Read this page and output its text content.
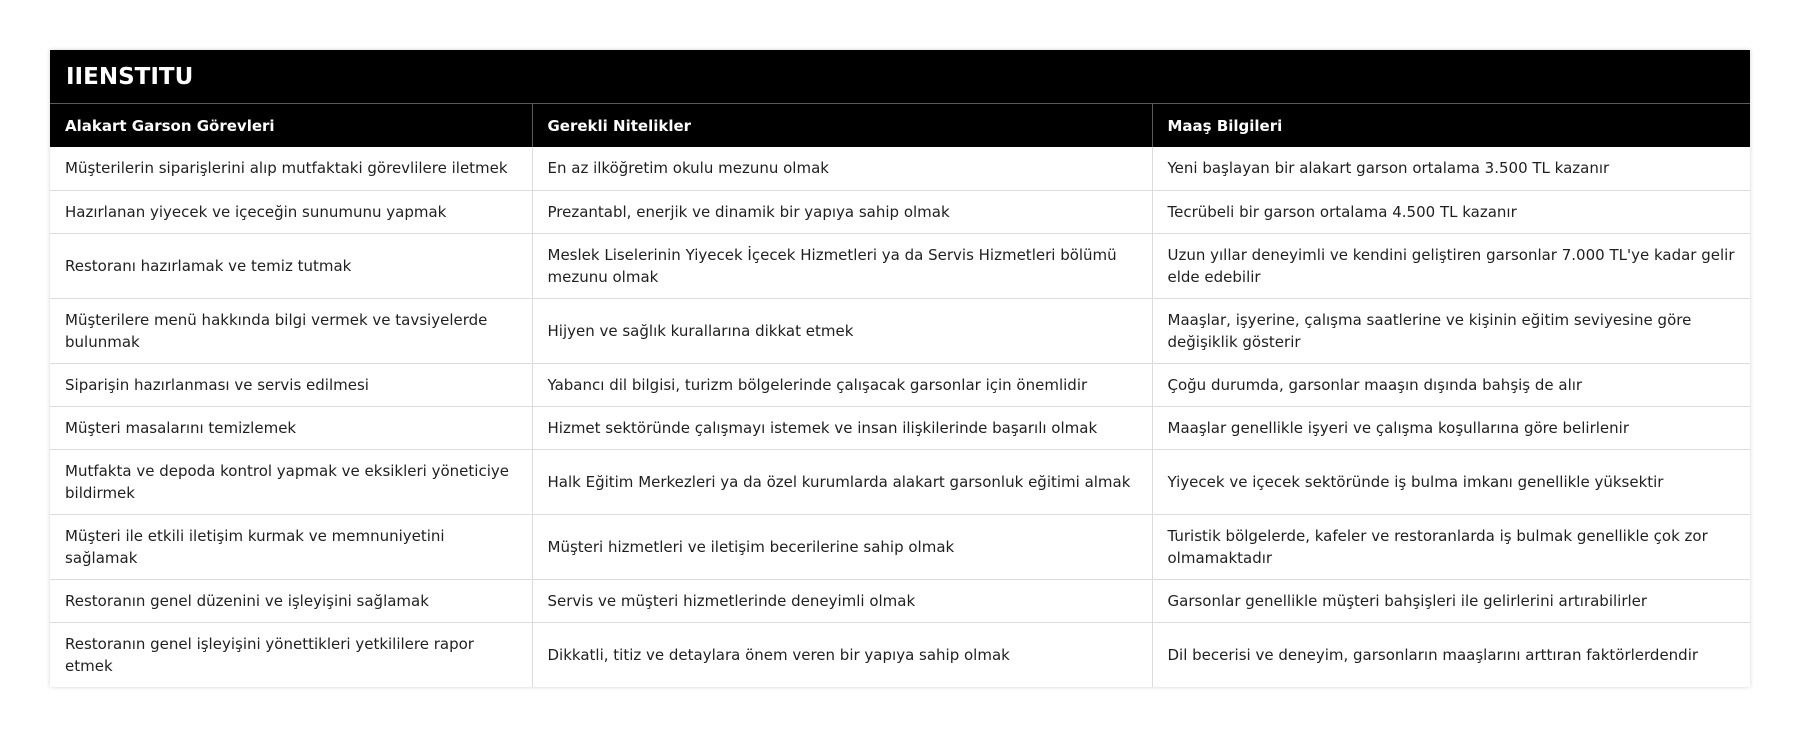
IIENSTITU
Alakart Garson Görevleri	Gerekli Nitelikler	Maaş Bilgileri
Müşterilerin siparişlerini alıp mutfaktaki görevlilere iletmek	En az ilköğretim okulu mezunu olmak	Yeni başlayan bir alakart garson ortalama 3.500 TL kazanır
Hazırlanan yiyecek ve içeceğin sunumunu yapmak	Prezantabl, enerjik ve dinamik bir yapıya sahip olmak	Tecrübeli bir garson ortalama 4.500 TL kazanır
Restoranı hazırlamak ve temiz tutmak	Meslek Liselerinin Yiyecek İçecek Hizmetleri ya da Servis Hizmetleri bölümü mezunu olmak	Uzun yıllar deneyimli ve kendini geliştiren garsonlar 7.000 TL'ye kadar gelir elde edebilir
Müşterilere menü hakkında bilgi vermek ve tavsiyelerde bulunmak	Hijyen ve sağlık kurallarına dikkat etmek	Maaşlar, işyerine, çalışma saatlerine ve kişinin eğitim seviyesine göre değişiklik gösterir
Siparişin hazırlanması ve servis edilmesi	Yabancı dil bilgisi, turizm bölgelerinde çalışacak garsonlar için önemlidir	Çoğu durumda, garsonlar maaşın dışında bahşiş de alır
Müşteri masalarını temizlemek	Hizmet sektöründe çalışmayı istemek ve insan ilişkilerinde başarılı olmak	Maaşlar genellikle işyeri ve çalışma koşullarına göre belirlenir
Mutfakta ve depoda kontrol yapmak ve eksikleri yöneticiye bildirmek	Halk Eğitim Merkezleri ya da özel kurumlarda alakart garsonluk eğitimi almak	Yiyecek ve içecek sektöründe iş bulma imkanı genellikle yüksektir
Müşteri ile etkili iletişim kurmak ve memnuniyetini sağlamak	Müşteri hizmetleri ve iletişim becerilerine sahip olmak	Turistik bölgelerde, kafeler ve restoranlarda iş bulmak genellikle çok zor olmamaktadır
Restoranın genel düzenini ve işleyişini sağlamak	Servis ve müşteri hizmetlerinde deneyimli olmak	Garsonlar genellikle müşteri bahşişleri ile gelirlerini artırabilirler
Restoranın genel işleyişini yönettikleri yetkililere rapor etmek	Dikkatli, titiz ve detaylara önem veren bir yapıya sahip olmak	Dil becerisi ve deneyim, garsonların maaşlarını arttıran faktörlerdendir
